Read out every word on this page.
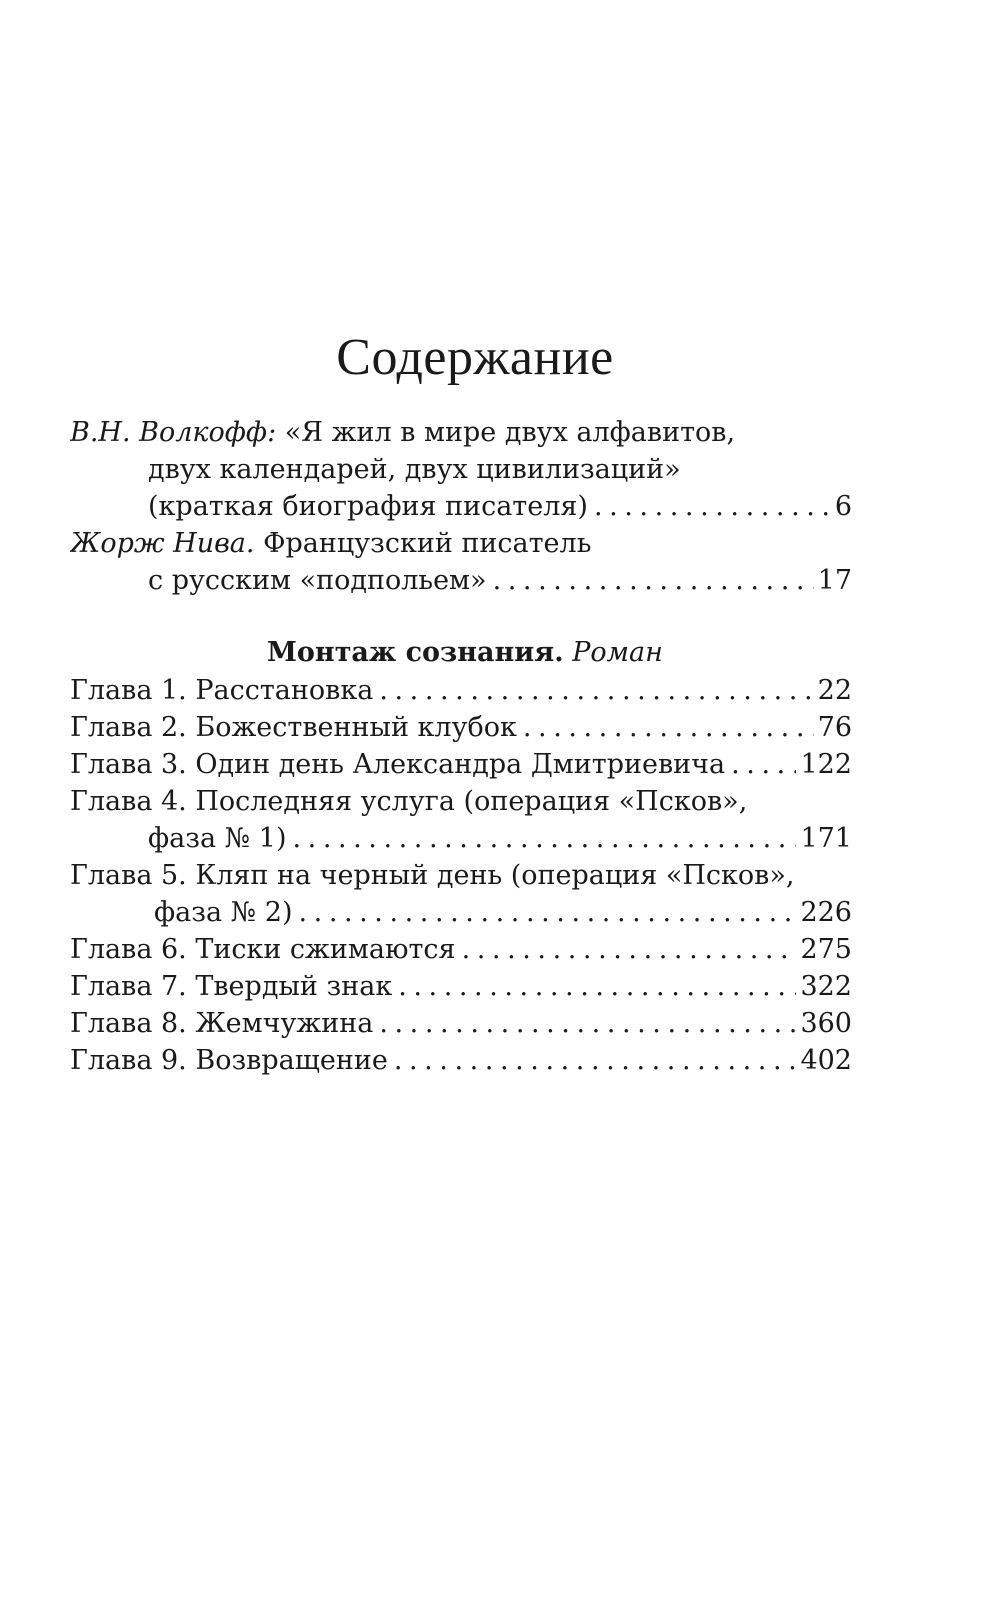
Содержание
В.Н. Волкофф: «Я жил в мире двух алфавитов,
двух календарей, двух цивилизаций»
(краткая биография писателя) . . .	6
Жорж Нива. Французский писатель
с русским «подпольем» . . .	17
Монтаж сознания. Роман
Глава 1. Расстановка . . .	22
Глава 2. Божественный клубок . . .	76
Глава 3. Один день Александра Дмитриевича . . .	122
Глава 4. Последняя услуга (операция «Псков»,
фаза № 1) . . .	171
Глава 5. Кляп на черный день (операция «Псков»,
фаза № 2) . . .	226
Глава 6. Тиски сжимаются . . .	275
Глава 7. Твердый знак . . .	322
Глава 8. Жемчужина . . .	360
Глава 9. Возвращение . . .	402
